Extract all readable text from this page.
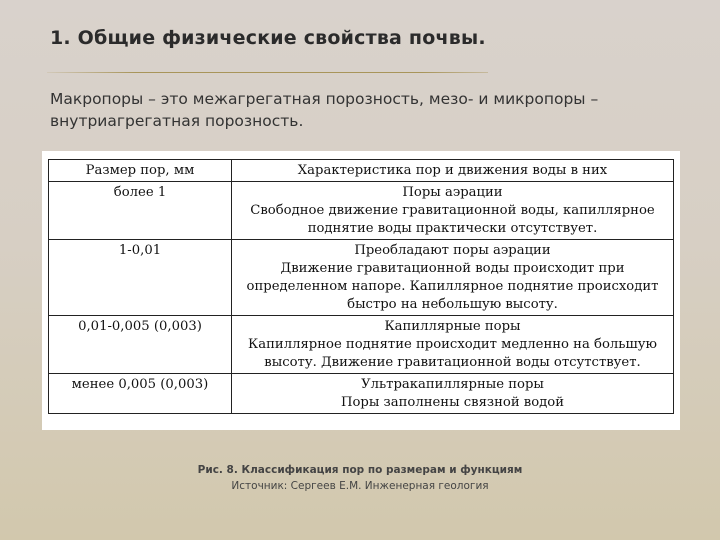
1. Общие физические свойства почвы.
Макропоры – это межагрегатная порозность, мезо- и микропоры – внутриагрегатная порозность.
Размер пор, мм	Характеристика пор и движения воды в них
более 1	Поры аэрации
Свободное движение гравитационной воды, капиллярное
поднятие воды практически отсутствует.

1-0,01	Преобладают поры аэрации
Движение гравитационной воды происходит при
определенном напоре. Капиллярное поднятие происходит
быстро на небольшую высоту.

0,01-0,005 (0,003)	Капиллярные поры
Капиллярное поднятие происходит медленно на большую
высоту. Движение гравитационной воды отсутствует.

менее 0,005 (0,003)	Ультракапиллярные поры
Поры заполнены связной водой
Рис. 8. Классификация пор по размерам и функциям
Источник: Сергеев Е.М. Инженерная геология
